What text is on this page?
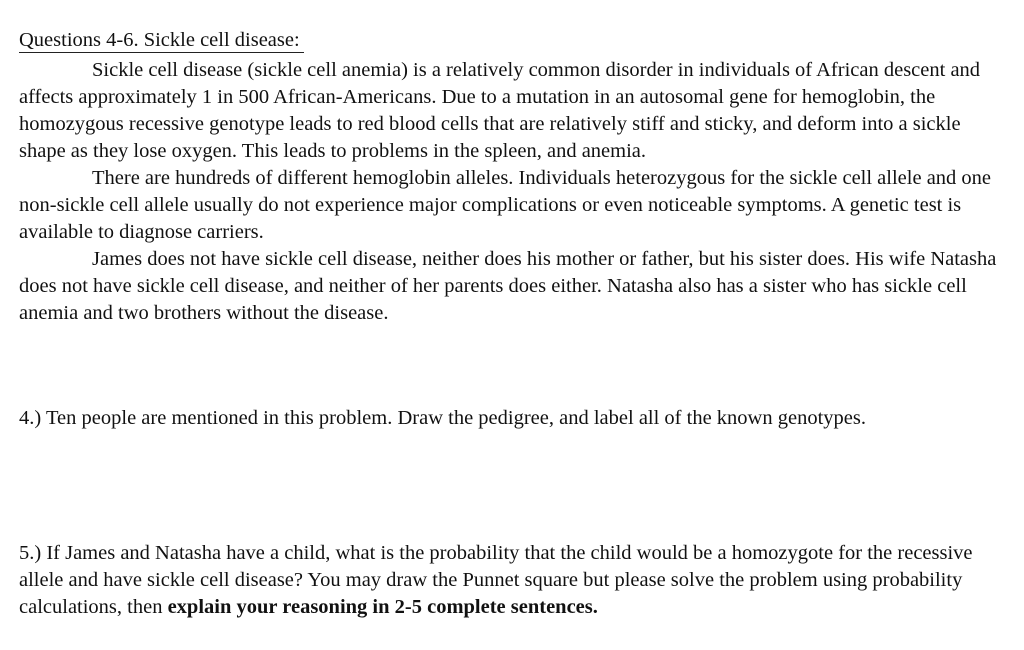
Questions 4-6. Sickle cell disease:

Sickle cell disease (sickle cell anemia) is a relatively common disorder in individuals of African descent and affects approximately 1 in 500 African-Americans. Due to a mutation in an autosomal gene for hemoglobin, the homozygous recessive genotype leads to red blood cells that are relatively stiff and sticky, and deform into a sickle shape as they lose oxygen. This leads to problems in the spleen, and anemia.

There are hundreds of different hemoglobin alleles. Individuals heterozygous for the sickle cell allele and one non-sickle cell allele usually do not experience major complications or even noticeable symptoms. A genetic test is available to diagnose carriers.

James does not have sickle cell disease, neither does his mother or father, but his sister does. His wife Natasha does not have sickle cell disease, and neither of her parents does either. Natasha also has a sister who has sickle cell anemia and two brothers without the disease.

4.) Ten people are mentioned in this problem. Draw the pedigree, and label all of the known genotypes.

5.) If James and Natasha have a child, what is the probability that the child would be a homozygote for the recessive allele and have sickle cell disease? You may draw the Punnet square but please solve the problem using probability calculations, then explain your reasoning in 2-5 complete sentences.
